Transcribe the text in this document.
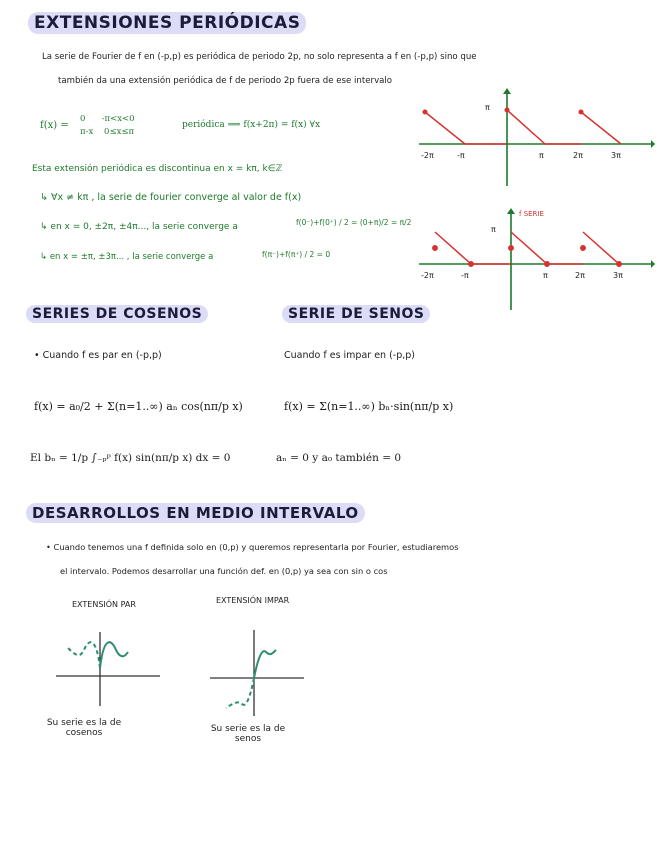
EXTENSIONES PERIÓDICAS
La serie de Fourier de f en (-p,p) es periódica de periodo 2p, no solo representa a f en (-p,p) sino que
también da una extensión periódica de f de periodo 2p fuera de ese intervalo
f(x) =
0      -π<x<0
π-x    0≤x≤π
periódica ⟹ f(x+2π) = f(x) ∀x
Esta extensión periódica es discontinua en x = kπ, k∈ℤ
↳ ∀x ≠ kπ , la serie de fourier converge al valor de f(x)
↳ en x = 0, ±2π, ±4π..., la serie converge a	f(0⁻)+f(0⁺) / 2 = (0+π)/2 = π/2
↳ en x = ±π, ±3π... , la serie converge a	f(π⁻)+f(π⁺) / 2 = 0
π
-2π	-π	π	2π	3π
π
-2π	-π	π	2π	3π
f SERIE
SERIES DE COSENOS
• Cuando f es par en (-p,p)
f(x) = a₀/2 + Σ(n=1..∞) aₙ cos(nπ/p x)
El bₙ = 1/p ∫₋ₚᵖ f(x) sin(nπ/p x) dx = 0
SERIE DE SENOS
Cuando f es impar en (-p,p)
f(x) = Σ(n=1..∞) bₙ·sin(nπ/p x)
aₙ = 0 y a₀ también = 0
DESARROLLOS EN MEDIO INTERVALO
• Cuando tenemos una f definida solo en (0,p) y queremos representarla por Fourier, estudiaremos
el intervalo. Podemos desarrollar una función def. en (0,p) ya sea con sin o cos
EXTENSIÓN PAR	EXTENSIÓN IMPAR
Su serie es la de cosenos	Su serie es la de senos
